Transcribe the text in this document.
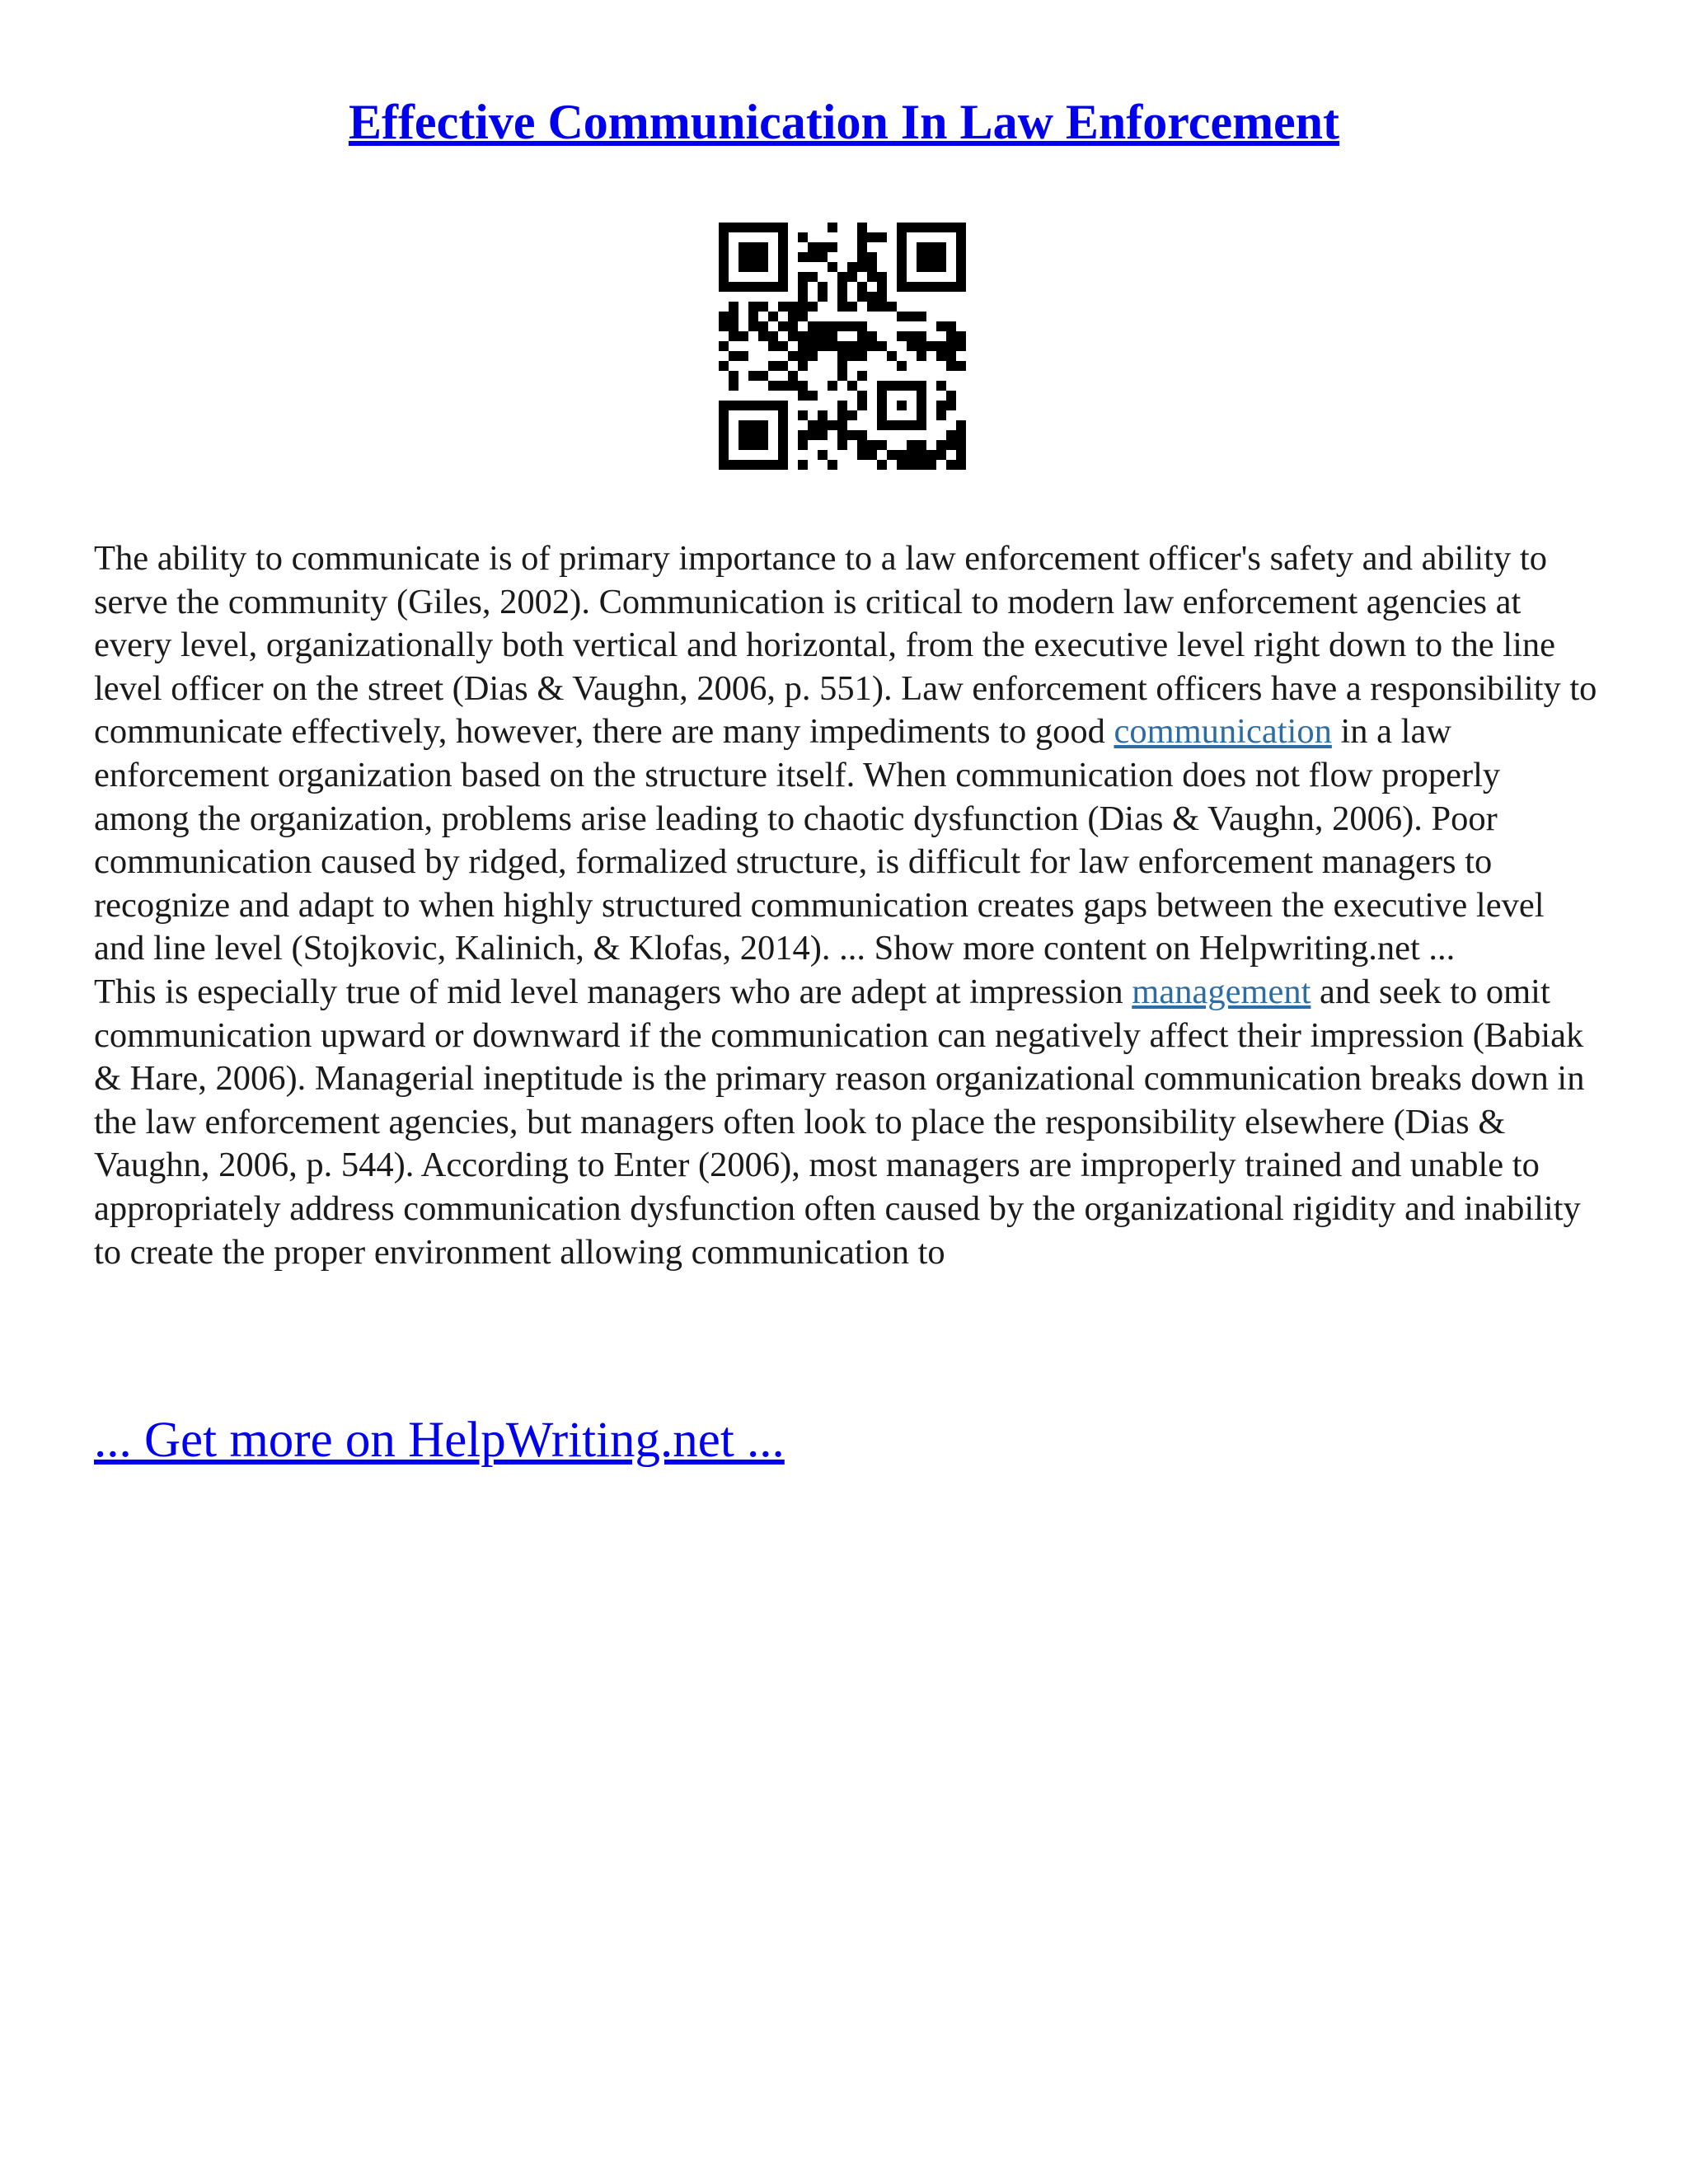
Effective Communication In Law Enforcement

The ability to communicate is of primary importance to a law enforcement officer's safety and ability to serve the community (Giles, 2002). Communication is critical to modern law enforcement agencies at every level, organizationally both vertical and horizontal, from the executive level right down to the line level officer on the street (Dias & Vaughn, 2006, p. 551). Law enforcement officers have a responsibility to communicate effectively, however, there are many impediments to good communication in a law enforcement organization based on the structure itself. When communication does not flow properly among the organization, problems arise leading to chaotic dysfunction (Dias & Vaughn, 2006). Poor communication caused by ridged, formalized structure, is difficult for law enforcement managers to recognize and adapt to when highly structured communication creates gaps between the executive level and line level (Stojkovic, Kalinich, & Klofas, 2014). ... Show more content on Helpwriting.net ...

This is especially true of mid level managers who are adept at impression management and seek to omit communication upward or downward if the communication can negatively affect their impression (Babiak & Hare, 2006). Managerial ineptitude is the primary reason organizational communication breaks down in the law enforcement agencies, but managers often look to place the responsibility elsewhere (Dias & Vaughn, 2006, p. 544). According to Enter (2006), most managers are improperly trained and unable to appropriately address communication dysfunction often caused by the organizational rigidity and inability to create the proper environment allowing communication to

... Get more on HelpWriting.net ...
